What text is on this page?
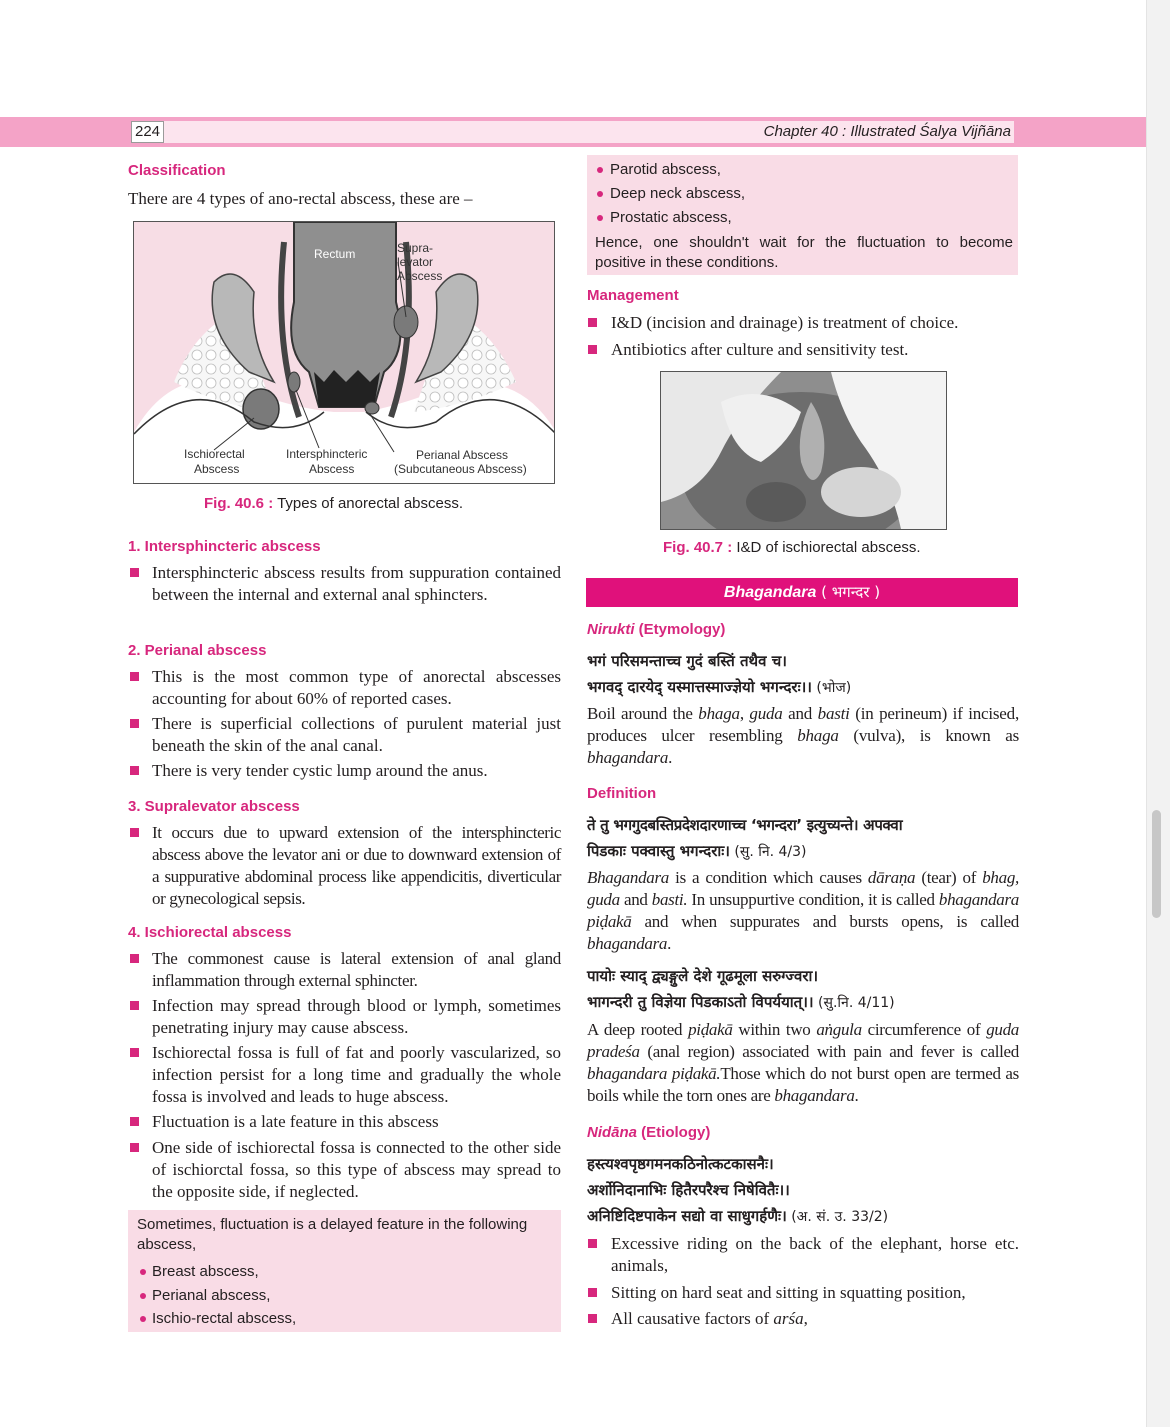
224	Chapter 40 : Illustrated Śalya Vijñāna
Classification
There are 4 types of ano-rectal abscess, these are –
Rectum	Supra-
levator
Abscess
Ischiorectal
Abscess
Intersphincteric
Abscess
Perianal Abscess
(Subcutaneous Abscess)
Fig. 40.6 : Types of anorectal abscess.
1. Intersphincteric abscess
Intersphincteric abscess results from suppuration contained between the internal and external anal sphincters.
2. Perianal abscess
This is the most common type of anorectal abscesses accounting for about 60% of reported cases.
There is superficial collections of purulent material just beneath the skin of the anal canal.
There is very tender cystic lump around the anus.
3. Supralevator abscess
It occurs due to upward extension of the intersphincteric abscess above the levator ani or due to downward extension of a suppurative abdominal process like appendicitis, diverticular or gynecological sepsis.
4. Ischiorectal abscess
The commonest cause is lateral extension of anal gland inflammation through external sphincter.
Infection may spread through blood or lymph, sometimes penetrating injury may cause abscess.
Ischiorectal fossa is full of fat and poorly vascularized, so infection persist for a long time and gradually the whole fossa is involved and leads to huge abscess.
Fluctuation is a late feature in this abscess
One side of ischiorectal fossa is connected to the other side of ischiorctal fossa, so this type of abscess may spread to the opposite side, if neglected.
Sometimes, fluctuation is a delayed feature in the following abscess,
Breast abscess,
Perianal abscess,
Ischio-rectal abscess,
Parotid abscess,
Deep neck abscess,
Prostatic abscess,
Hence, one shouldn't wait for the fluctuation to become positive in these conditions.
Management
I&D (incision and drainage) is treatment of choice.
Antibiotics after culture and sensitivity test.
Fig. 40.7 : I&D of ischiorectal abscess.
Bhagandara ( भगन्दर )
Nirukti (Etymology)
भगं परिसमन्ताच्च गुदं बस्तिं तथैव च।
भगवद् दारयेद् यस्मात्तस्माज्ज्ञेयो भगन्दरः।। (भोज)
Boil around the bhaga, guda and basti (in perineum) if incised, produces ulcer resembling bhaga (vulva), is known as bhagandara.
Definition
ते तु भगगुदबस्तिप्रदेशदारणाच्च ‘भगन्दरा’ इत्युच्यन्ते। अपक्वा
पिडकाः पक्वास्तु भगन्दराः। (सु. नि. 4/3)
Bhagandara is a condition which causes dāraṇa (tear) of bhag, guda and basti. In unsuppurtive condition, it is called bhagandara piḍakā and when suppurates and bursts opens, is called bhagandara.
पायोः स्याद् द्व्यङ्गुले देशे गूढमूला सरुग्ज्वरा।
भागन्दरी तु विज्ञेया पिडकाऽतो विपर्ययात्।। (सु.नि. 4/11)
A deep rooted piḍakā within two aṅgula circumference of guda pradeśa (anal region) associated with pain and fever is called bhagandara piḍakā.Those which do not burst open are termed as boils while the torn ones are bhagandara.
Nidāna (Etiology)
हस्त्यश्वपृष्ठगमनकठिनोत्कटकासनैः।
अर्शोनिदानाभिः हितैरपरैश्च निषेवितैः।।
अनिष्टिदिष्टपाकेन सद्यो वा साधुगर्हणैः। (अ. सं. उ. 33/2)
Excessive riding on the back of the elephant, horse etc. animals,
Sitting on hard seat and sitting in squatting position,
All causative factors of arśa,
